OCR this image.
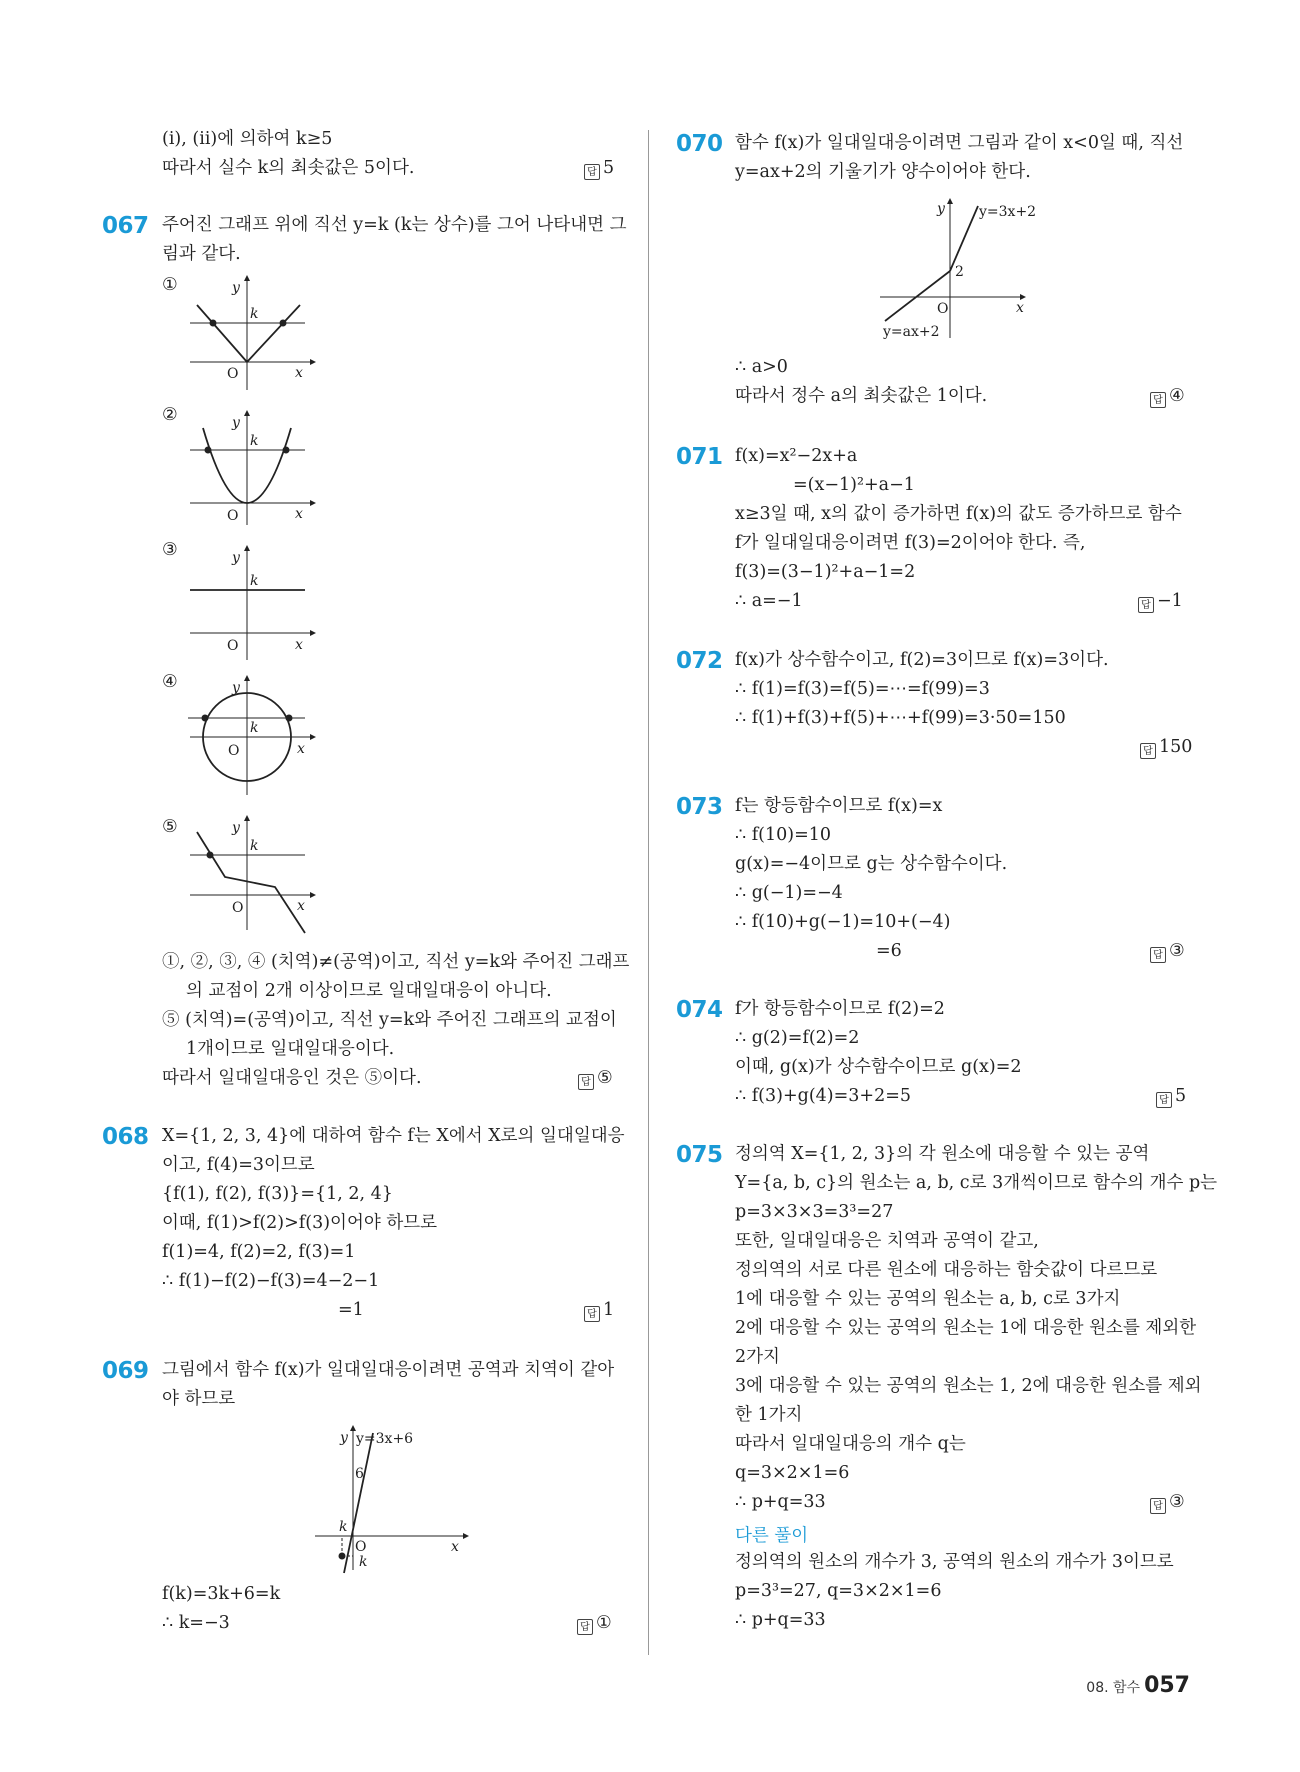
(ⅰ), (ⅱ)에 의하여 k≥5
따라서 실수 k의 최솟값은 5이다.	답 5
067 주어진 그래프 위에 직선 y=k (k는 상수)를 그어 나타내면 그
림과 같다.
①	y
k
O	x
②	y
k
O	x
③	y
k
O	x
④	y
k
O	x
⑤	y
k
O	x
①, ②, ③, ④ (치역)≠(공역)이고, 직선 y=k와 주어진 그래프
의 교점이 2개 이상이므로 일대일대응이 아니다.
⑤ (치역)=(공역)이고, 직선 y=k와 주어진 그래프의 교점이
1개이므로 일대일대응이다.
따라서 일대일대응인 것은 ⑤이다.	답 ⑤
068 X={1, 2, 3, 4}에 대하여 함수 f는 X에서 X로의 일대일대응
이고, f(4)=3이므로
{f(1), f(2), f(3)}={1, 2, 4}
이때, f(1)>f(2)>f(3)이어야 하므로
f(1)=4, f(2)=2, f(3)=1
∴ f(1)−f(2)−f(3)=4−2−1
=1	답 1
069 그림에서 함수 f(x)가 일대일대응이려면 공역과 치역이 같아
야 하므로
y=3x+6
y
6
k
O
k
x
f(k)=3k+6=k
∴ k=−3	답 ①
070 함수 f(x)가 일대일대응이려면 그림과 같이 x<0일 때, 직선
y=ax+2의 기울기가 양수이어야 한다.
y=3x+2
y
2
O	x
y=ax+2
∴ a>0
따라서 정수 a의 최솟값은 1이다.	답 ④
071 f(x)=x²−2x+a
=(x−1)²+a−1
x≥3일 때, x의 값이 증가하면 f(x)의 값도 증가하므로 함수
f가 일대일대응이려면 f(3)=2이어야 한다. 즉,
f(3)=(3−1)²+a−1=2
∴ a=−1	답 −1
072 f(x)가 상수함수이고, f(2)=3이므로 f(x)=3이다.
∴ f(1)=f(3)=f(5)=⋯=f(99)=3
∴ f(1)+f(3)+f(5)+⋯+f(99)=3·50=150
답 150
073 f는 항등함수이므로 f(x)=x
∴ f(10)=10
g(x)=−4이므로 g는 상수함수이다.
∴ g(−1)=−4
∴ f(10)+g(−1)=10+(−4)
=6	답 ③
074 f가 항등함수이므로 f(2)=2
∴ g(2)=f(2)=2
이때, g(x)가 상수함수이므로 g(x)=2
∴ f(3)+g(4)=3+2=5	답 5
075 정의역 X={1, 2, 3}의 각 원소에 대응할 수 있는 공역
Y={a, b, c}의 원소는 a, b, c로 3개씩이므로 함수의 개수 p는
p=3×3×3=3³=27
또한, 일대일대응은 치역과 공역이 같고,
정의역의 서로 다른 원소에 대응하는 함숫값이 다르므로
1에 대응할 수 있는 공역의 원소는 a, b, c로 3가지
2에 대응할 수 있는 공역의 원소는 1에 대응한 원소를 제외한
2가지
3에 대응할 수 있는 공역의 원소는 1, 2에 대응한 원소를 제외
한 1가지
따라서 일대일대응의 개수 q는
q=3×2×1=6
∴ p+q=33	답 ③
다른 풀이
정의역의 원소의 개수가 3, 공역의 원소의 개수가 3이므로
p=3³=27, q=3×2×1=6
∴ p+q=33
08. 함수 057
